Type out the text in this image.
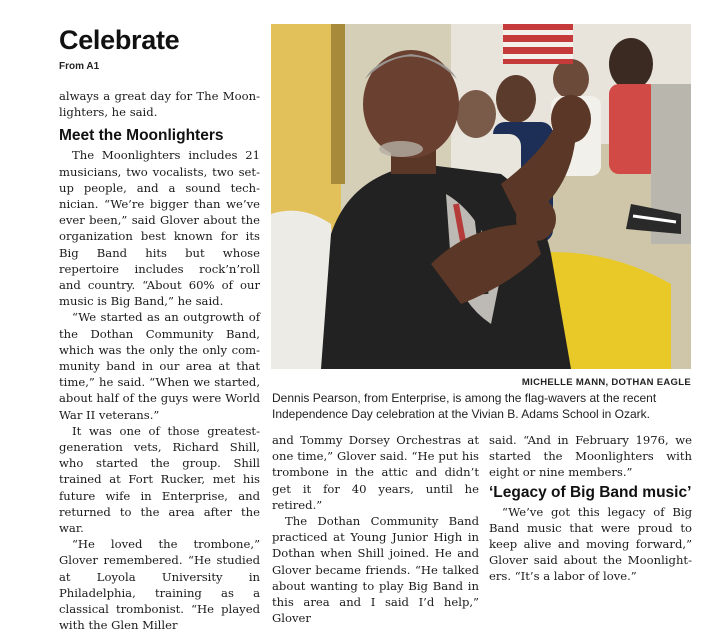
Celebrate
From A1

always a great day for The Moonlighters, he said.

Meet the Moonlighters

The Moonlighters includes 21 musicians, two vocalists, two set-up people, and a sound technician. “We’re bigger than we’ve ever been,” said Glover about the organization best known for its Big Band hits but whose repertoire includes rock’n’roll and country. “About 60% of our music is Big Band,” he said.

“We started as an outgrowth of the Dothan Community Band, which was the only the only community band in our area at that time,” he said. “When we started, about half of the guys were World War II veterans.”

It was one of those greatest-generation vets, Richard Shill, who started the group. Shill trained at Fort Rucker, met his future wife in Enterprise, and returned to the area after the war.

“He loved the trombone,” Glover remembered. “He studied at Loyola University in Philadelphia, training as a classical trombonist. “He played with the Glen Miller

MICHELLE MANN, DOTHAN EAGLE
Dennis Pearson, from Enterprise, is among the flag-wavers at the recent Independence Day celebration at the Vivian B. Adams School in Ozark.

and Tommy Dorsey Orchestras at one time,” Glover said. “He put his trombone in the attic and didn’t get it for 40 years, until he retired.”

The Dothan Community Band practiced at Young Junior High in Dothan when Shill joined. He and Glover became friends. “He talked about wanting to play Big Band in this area and I said I’d help,” Glover

said. “And in February 1976, we started the Moonlighters with eight or nine members.”

‘Legacy of Big Band music’

“We’ve got this legacy of Big Band music that were proud to keep alive and moving forward,” Glover said about the Moonlighters. “It’s a labor of love.”
